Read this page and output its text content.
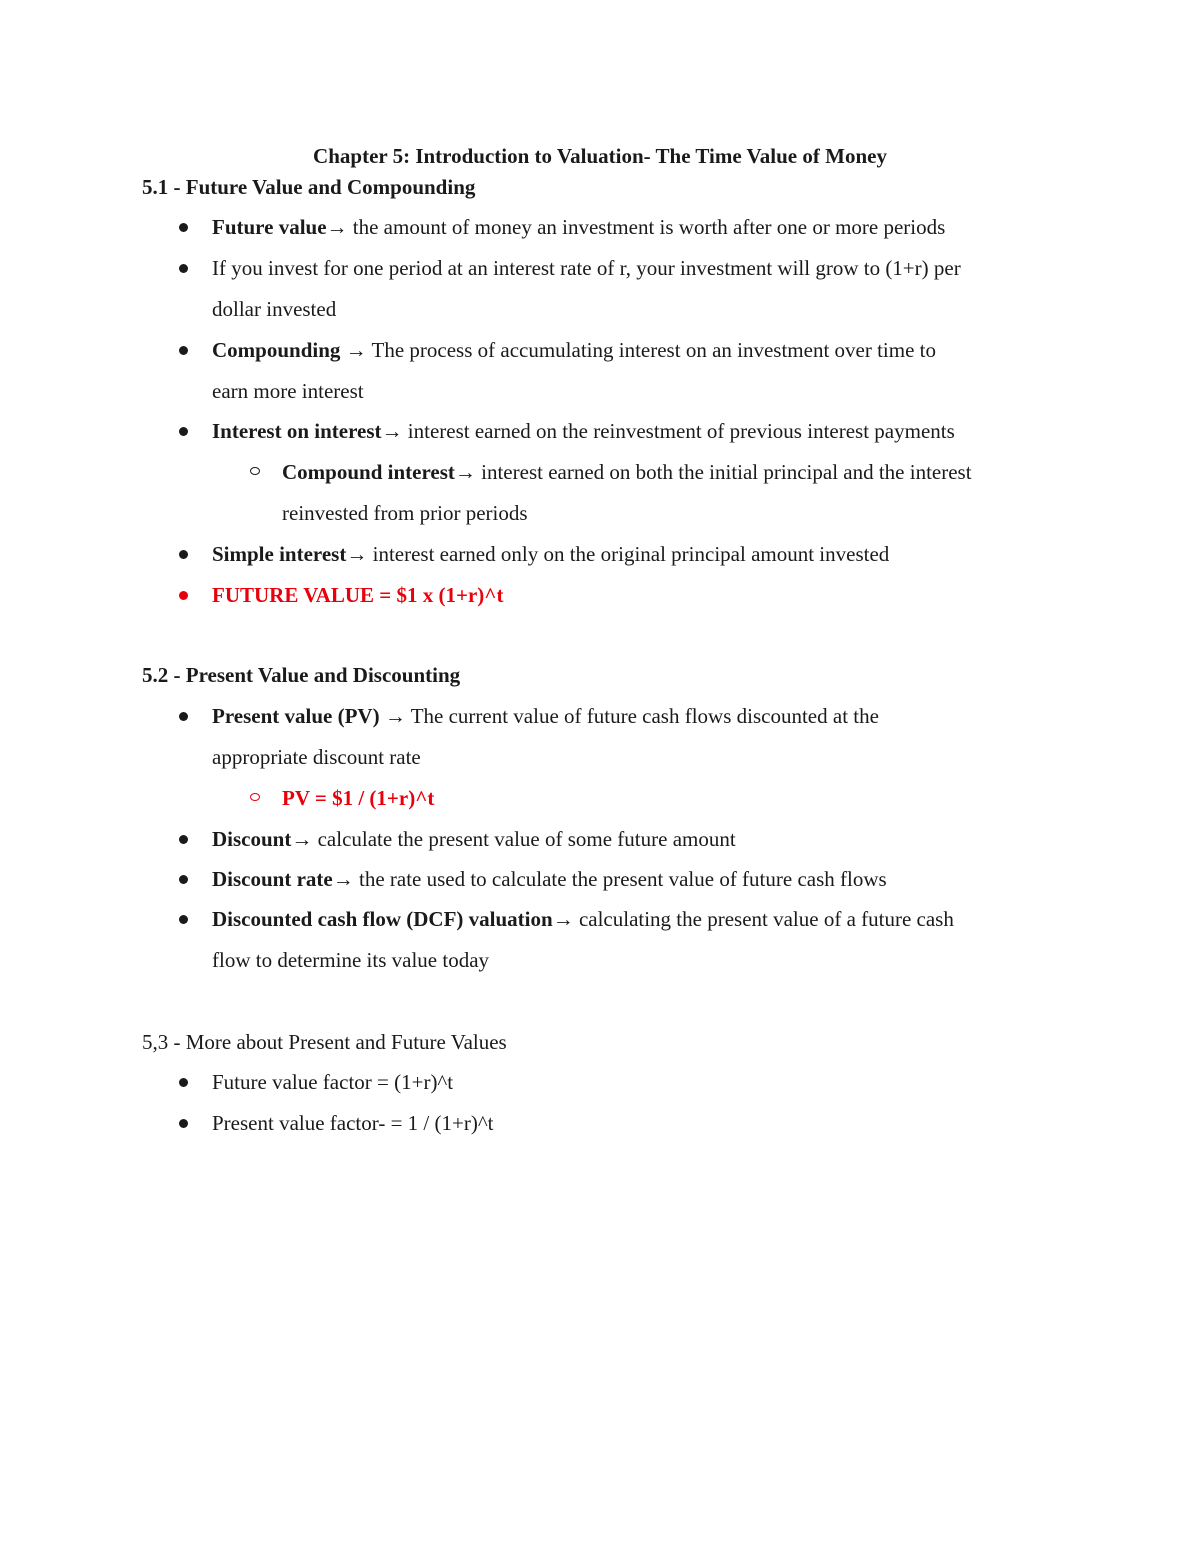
Chapter 5: Introduction to Valuation- The Time Value of Money
5.1 - Future Value and Compounding
Future value→ the amount of money an investment is worth after one or more periods
If you invest for one period at an interest rate of r, your investment will grow to (1+r) per
dollar invested
Compounding → The process of accumulating interest on an investment over time to
earn more interest
Interest on interest→ interest earned on the reinvestment of previous interest payments
Compound interest→ interest earned on both the initial principal and the interest
reinvested from prior periods
Simple interest→ interest earned only on the original principal amount invested
FUTURE VALUE = $1 x (1+r)^t
5.2 - Present Value and Discounting
Present value (PV) → The current value of future cash flows discounted at the
appropriate discount rate
PV = $1 / (1+r)^t
Discount→ calculate the present value of some future amount
Discount rate→ the rate used to calculate the present value of future cash flows
Discounted cash flow (DCF) valuation→ calculating the present value of a future cash
flow to determine its value today
5,3 - More about Present and Future Values
Future value factor = (1+r)^t
Present value factor- = 1 / (1+r)^t
